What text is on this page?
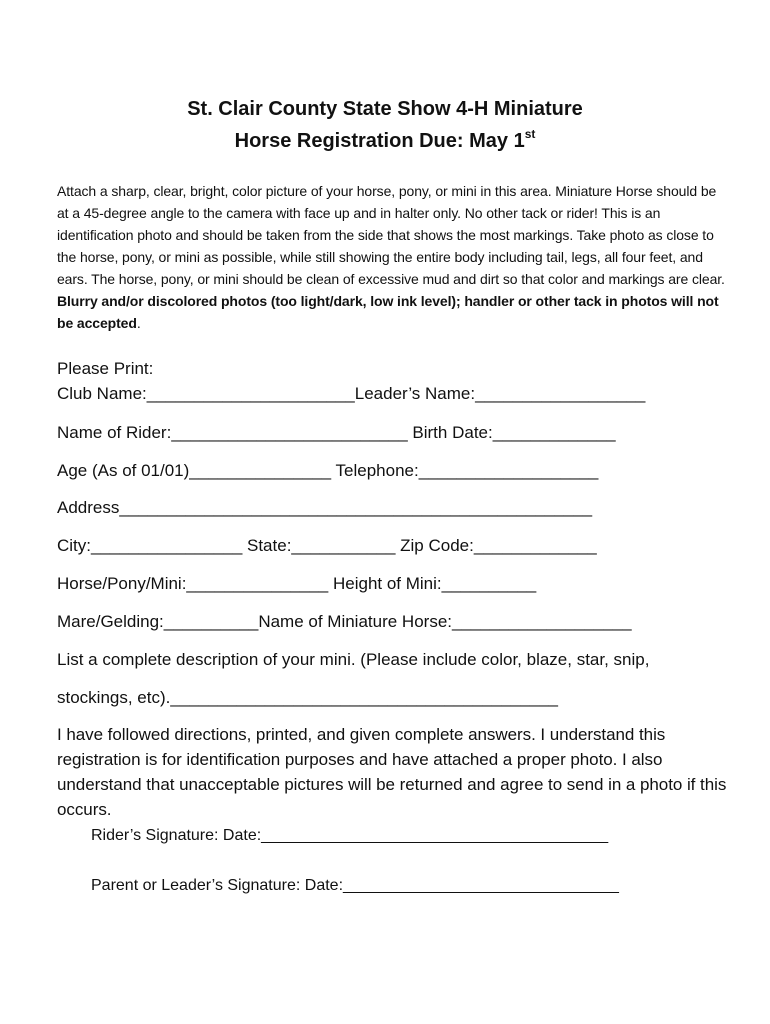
St. Clair County State Show 4-H Miniature
Horse Registration Due: May 1st
Attach a sharp, clear, bright, color picture of your horse, pony, or mini in this area. Miniature Horse should be at a 45-degree angle to the camera with face up and in halter only. No other tack or rider! This is an identification photo and should be taken from the side that shows the most markings. Take photo as close to the horse, pony, or mini as possible, while still showing the entire body including tail, legs, all four feet, and ears. The horse, pony, or mini should be clean of excessive mud and dirt so that color and markings are clear. Blurry and/or discolored photos (too light/dark, low ink level); handler or other tack in photos will not be accepted.
Please Print:
Club Name:______________________Leader’s Name:__________________
Name of Rider:_________________________ Birth Date:_____________
Age (As of 01/01)_______________ Telephone:___________________
Address__________________________________________________
City:________________ State:___________ Zip Code:_____________
Horse/Pony/Mini:_______________ Height of Mini:__________
Mare/Gelding:__________Name of Miniature Horse:___________________
List a complete description of your mini. (Please include color, blaze, star, snip,
stockings, etc)._________________________________________
I have followed directions, printed, and given complete answers. I understand this registration is for identification purposes and have attached a proper photo. I also understand that unacceptable pictures will be returned and agree to send in a photo if this occurs.
Rider’s Signature: Date:_______________________________________
Parent or Leader’s Signature: Date:_______________________________
